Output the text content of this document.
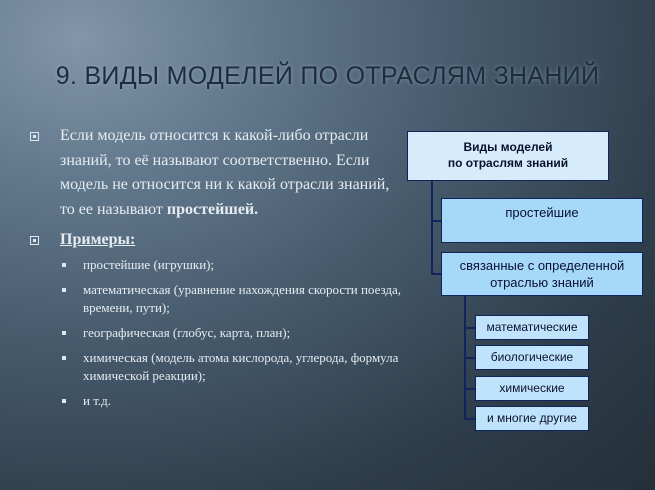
9. ВИДЫ МОДЕЛЕЙ ПО ОТРАСЛЯМ ЗНАНИЙ
Если модель относится к какой-либо отрасли знаний, то её называют соответственно. Если модель не относится ни к какой отрасли знаний, то ее называют простейшей.
Примеры:
простейшие (игрушки);
математическая (уравнение нахождения скорости поезда, времени, пути);
географическая (глобус, карта, план);
химическая (модель атома кислорода, углерода, формула химической реакции);
и т.д.
Виды моделей
по отраслям знаний
простейшие
связанные с определенной
отраслью знаний
математические
биологические
химические
и многие другие
